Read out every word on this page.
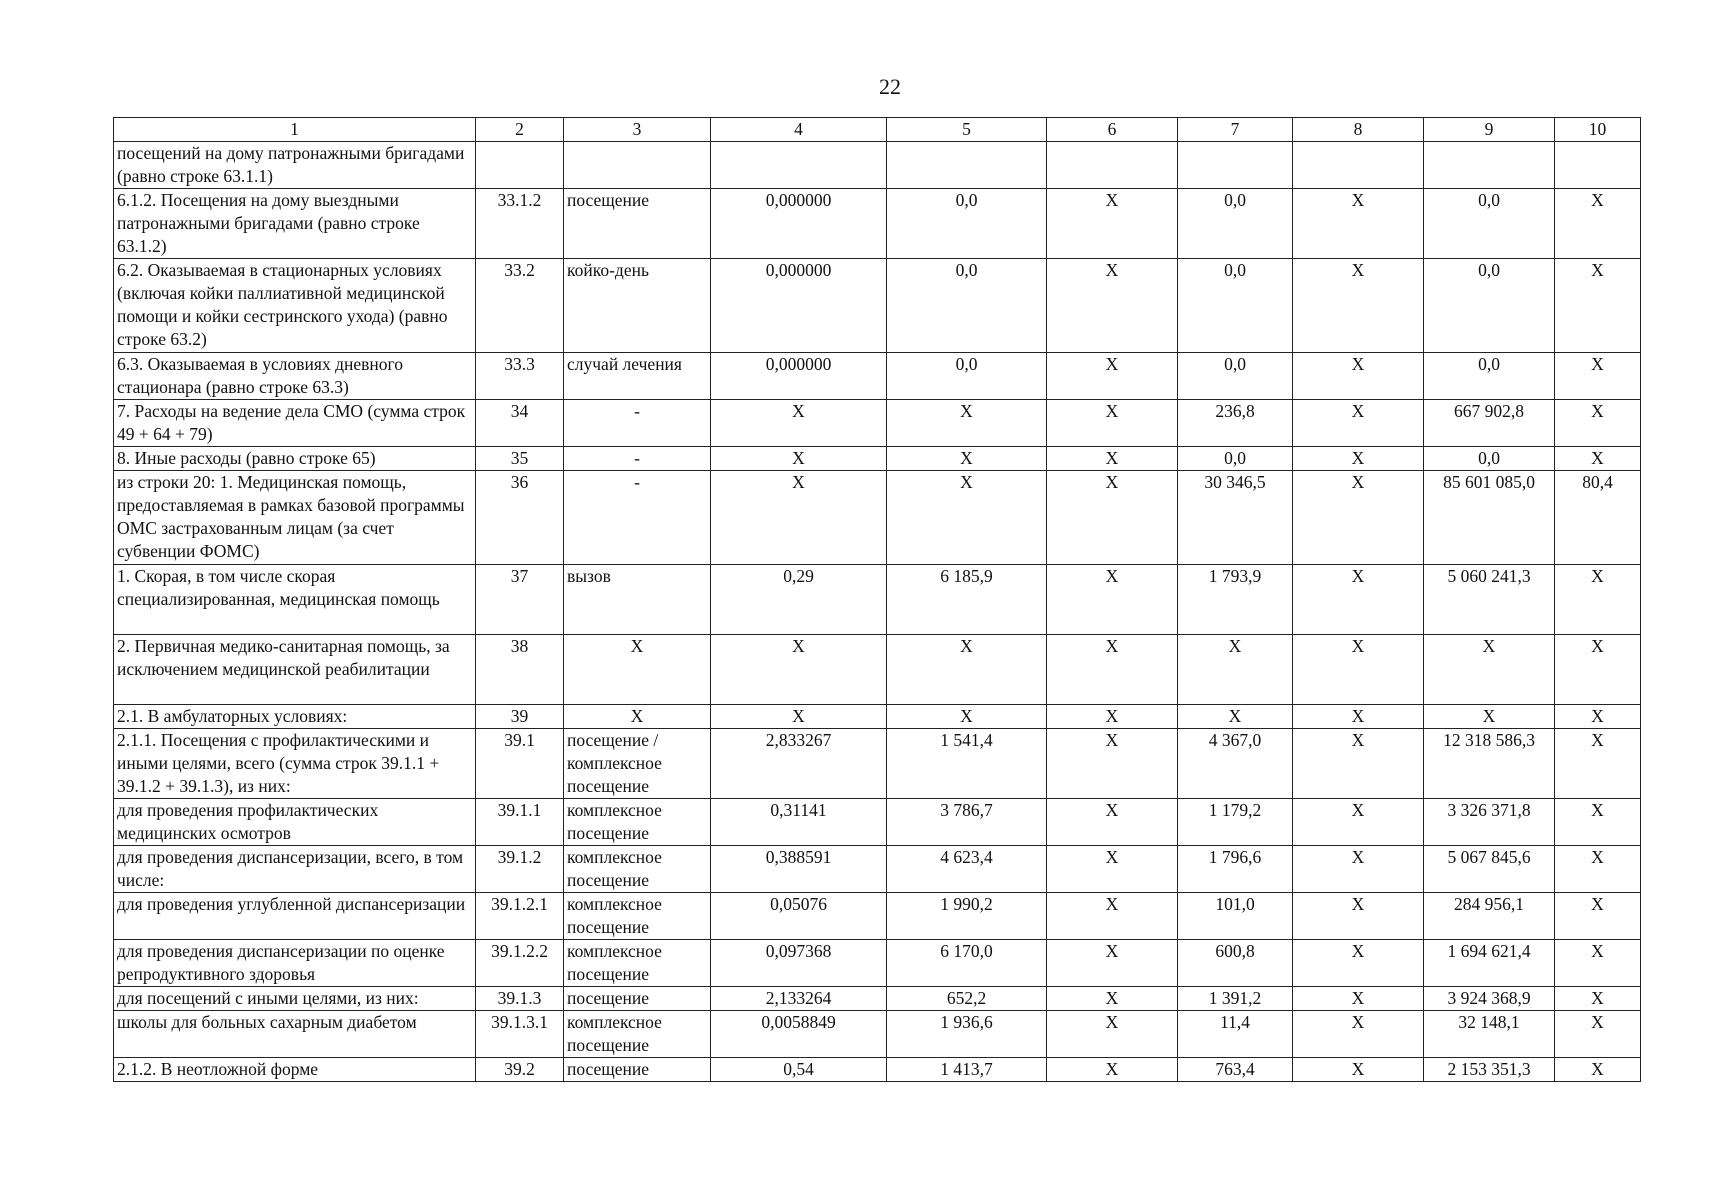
22
1	2	3	4	5	6	7	8	9	10
посещений на дому патронажными бригадами (равно строке 63.1.1)									
6.1.2. Посещения на дому выездными патронажными бригадами (равно строке 63.1.2)	33.1.2	посещение	0,000000	0,0	X	0,0	X	0,0	X
6.2. Оказываемая в стационарных условиях (включая койки паллиативной медицинской помощи и койки сестринского ухода) (равно строке 63.2)	33.2	койко-день	0,000000	0,0	X	0,0	X	0,0	X
6.3. Оказываемая в условиях дневного стационара (равно строке 63.3)	33.3	случай лечения	0,000000	0,0	X	0,0	X	0,0	X
7. Расходы на ведение дела СМО (сумма строк 49 + 64 + 79)	34	-	X	X	X	236,8	X	667 902,8	X
8. Иные расходы (равно строке 65)	35	-	X	X	X	0,0	X	0,0	X
из строки 20: 1. Медицинская помощь, предоставляемая в рамках базовой программы ОМС застрахованным лицам (за счет субвенции ФОМС)	36	-	X	X	X	30 346,5	X	85 601 085,0	80,4
1. Скорая, в том числе скорая специализированная, медицинская помощь	37	вызов	0,29	6 185,9	X	1 793,9	X	5 060 241,3	X
2. Первичная медико-санитарная помощь, за исключением медицинской реабилитации	38	X	X	X	X	X	X	X	X
2.1. В амбулаторных условиях:	39	X	X	X	X	X	X	X	X
2.1.1. Посещения с профилактическими и иными целями, всего (сумма строк 39.1.1 + 39.1.2 + 39.1.3), из них:	39.1	посещение / комплексное посещение	2,833267	1 541,4	X	4 367,0	X	12 318 586,3	X
для проведения профилактических медицинских осмотров	39.1.1	комплексное посещение	0,31141	3 786,7	X	1 179,2	X	3 326 371,8	X
для проведения диспансеризации, всего, в том числе:	39.1.2	комплексное посещение	0,388591	4 623,4	X	1 796,6	X	5 067 845,6	X
для проведения углубленной диспансеризации	39.1.2.1	комплексное посещение	0,05076	1 990,2	X	101,0	X	284 956,1	X
для проведения диспансеризации по оценке репродуктивного здоровья	39.1.2.2	комплексное посещение	0,097368	6 170,0	X	600,8	X	1 694 621,4	X
для посещений с иными целями, из них:	39.1.3	посещение	2,133264	652,2	X	1 391,2	X	3 924 368,9	X
школы для больных сахарным диабетом	39.1.3.1	комплексное посещение	0,0058849	1 936,6	X	11,4	X	32 148,1	X
2.1.2. В неотложной форме	39.2	посещение	0,54	1 413,7	X	763,4	X	2 153 351,3	X
